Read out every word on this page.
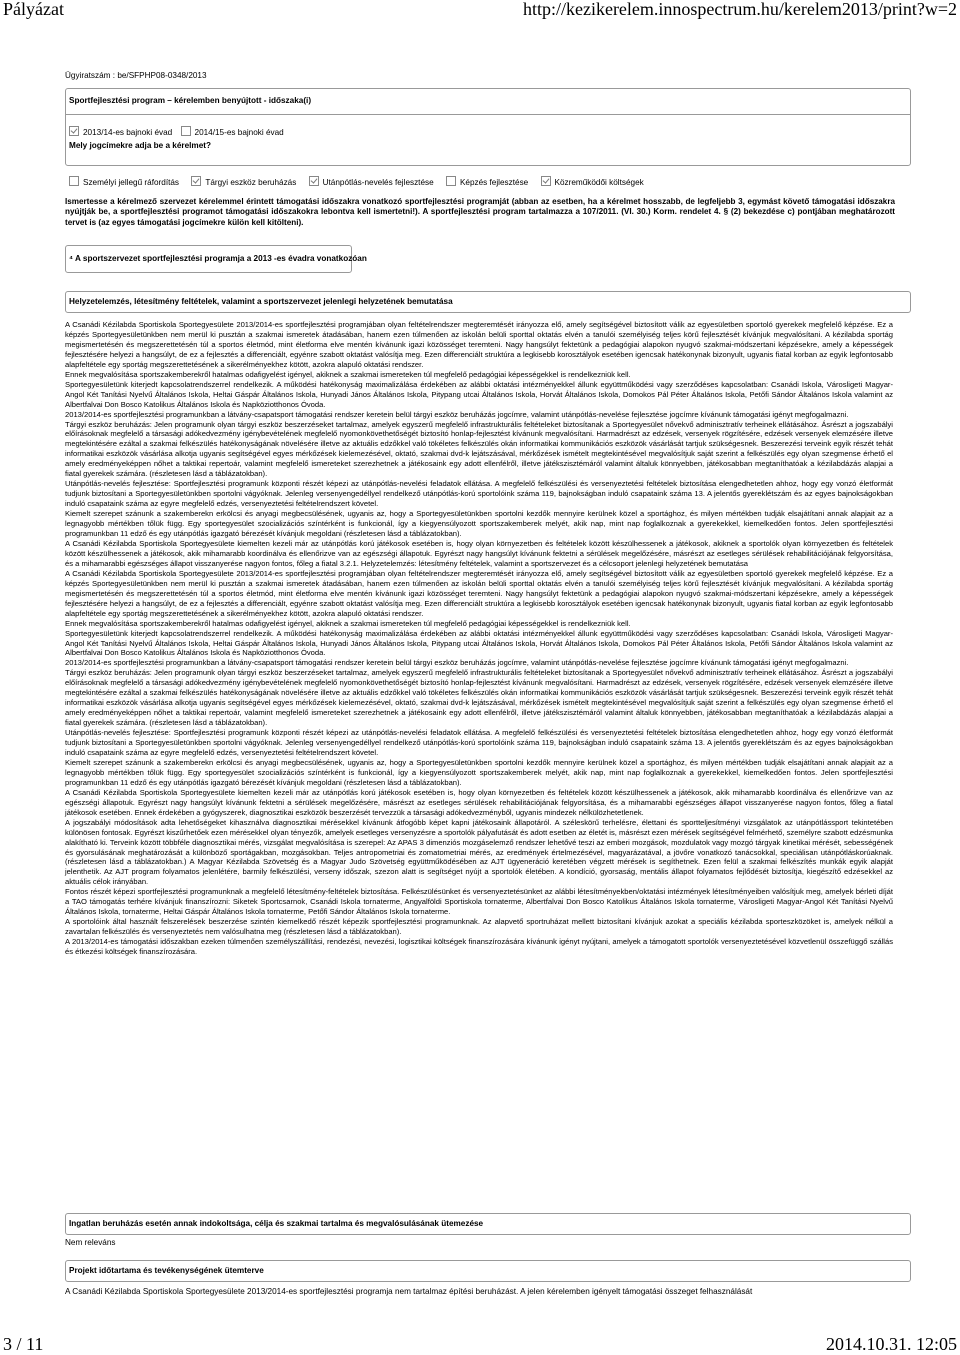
Pályázat	http://kezikerelem.innospectrum.hu/kerelem2013/print?w=2
Ügyiratszám : be/SFPHP08-0348/2013
Sportfejlesztési program – kérelemben benyújtott - időszaka(i)
2013/14-es bajnoki évad	2014/15-es bajnoki évad
Mely jogcímekre adja be a kérelmet?
Személyi jellegű ráfordítás	Tárgyi eszköz beruházás	Utánpótlás-nevelés fejlesztése	Képzés fejlesztése	Közreműködői költségek
Ismertesse a kérelmező szervezet kérelemmel érintett támogatási időszakra vonatkozó sportfejlesztési programját (abban az esetben, ha a kérelmet hosszabb, de legfeljebb 3, egymást követő támogatási időszakra nyújtják be, a sportfejlesztési programot támogatási időszakokra lebontva kell ismertetni!). A sportfejlesztési program tartalmazza a 107/2011. (VI. 30.) Korm. rendelet 4. § (2) bekezdése c) pontjában meghatározott tervet is (az egyes támogatási jogcímekre külön kell kitölteni).
⁴ A sportszervezet sportfejlesztési programja a 2013 -es évadra vonatkozóan
Helyzetelemzés, létesítmény feltételek, valamint a sportszervezet jelenlegi helyzetének bemutatása

A Csanádi Kézilabda Sportiskola Sportegyesülete 2013/2014-es sportfejlesztési programjában olyan feltételrendszer megteremtését irányozza elő, amely segítségével biztosított válik az egyesületben sportoló gyerekek megfelelő képzése. Ez a képzés Sportegyesületünkben nem merül ki pusztán a szakmai ismeretek átadásában, hanem ezen túlmenően az iskolán belüli sporttal oktatás elvén a tanulói személyiség teljes körű fejlesztését kívánjuk megvalósítani. A kézilabda sportág megismertetésén és megszerettetésén túl a sportos életmód, mint életforma elve mentén kívánunk igazi közösséget teremteni. Nagy hangsúlyt fektetünk a pedagógiai alapokon nyugvó szakmai-módszertani képzésekre, amely a képességek fejlesztésére helyezi a hangsúlyt, de ez a fejlesztés a differenciált, egyénre szabott oktatást valósítja meg. Ezen differenciált struktúra a legkisebb korosztályok esetében igencsak hatékonynak bizonyult, ugyanis fiatal korban az egyik legfontosabb alapfeltétele egy sportág megszerettetésének a sikerélményekhez kötött, azokra alapuló oktatási rendszer.

Ennek megvalósítása sportszakemberekről hatalmas odafigyelést igényel, akiknek a szakmai ismereteken túl megfelelő pedagógiai képességekkel is rendelkezniük kell.

Sportegyesületünk kiterjedt kapcsolatrendszerrel rendelkezik. A működési hatékonyság maximalizálása érdekében az alábbi oktatási intézményekkel állunk együttműködési vagy szerződéses kapcsolatban: Csanádi Iskola, Városligeti Magyar-Angol Két Tanítási Nyelvű Általános Iskola, Heltai Gáspár Általános Iskola, Hunyadi János Általános Iskola, Pitypang utcai Általános Iskola, Horvát Általános Iskola, Domokos Pál Péter Általános Iskola, Petőfi Sándor Általános Iskola valamint az Albertfalvai Don Bosco Katolikus Általános Iskola és Napköziotthonos Óvoda.

2013/2014-es sportfejlesztési programunkban a látvány-csapatsport támogatási rendszer keretein belül tárgyi eszköz beruházás jogcímre, valamint utánpótlás-nevelése fejlesztése jogcímre kívánunk támogatási igényt megfogalmazni.

Tárgyi eszköz beruházás: Jelen programunk olyan tárgyi eszköz beszerzéseket tartalmaz, amelyek egyszerű megfelelő infrastrukturális feltételeket biztosítanak a Sportegyesület nővekvő adminisztratív terheinek ellátásához. Ásrészt a jogszabályi előírásoknak megfelelő a társasági adókedvezmény igénybevételének megfelelő nyomonkövethetőségét biztosító honlap-fejlesztést kívánunk megvalósítani. Harmadrészt az edzések, versenyek rögzítésére, edzések versenyek elemzésére illetve megtekintésére ezáltal a szakmai felkészülés hatékonyságának növelésére illetve az aktuális edzőkkel való tökéletes felkészülés okán informatikai kommunikációs eszközök vásárlását tartjuk szükségesnek. Beszerezési terveink egyik részét tehát informatikai eszközök vásárlása alkotja ugyanis segítségével egyes mérkőzések kielemezésével, oktató, szakmai dvd-k lejátszásával, mérkőzések ismételt megtekintésével megvalósítjuk saját szerint a felkészülés egy olyan szegmense érhető el amely eredményeképpen nőhet a taktikai repertoár, valamint megfelelő ismereteket szerezhetnek a játékosaink egy adott ellenfélről, illetve játékszisztémáról valamint általuk könnyebben, játékosabban megtaníthatóak a kézilabdázás alapjai a fiatal gyerekek számára. (részletesen lásd a táblázatokban).

Utánpótlás-nevelés fejlesztése: Sportfejlesztési programunk központi részét képezi az utánpótlás-nevelési feladatok ellátása. A megfelelő felkészülési és versenyeztetési feltételek biztosítása elengedhetetlen ahhoz, hogy egy vonzó életformát tudjunk biztosítani a Sportegyesületünkben sportolni vágyóknak. Jelenleg versenyengedéllyel rendelkező utánpótlás-korú sportolóink száma 119, bajnokságban induló csapataink száma 13. A jelentős gyereklétszám és az egyes bajnokságokban induló csapataink száma az egyre megfelelő edzés, versenyeztetési feltételrendszert követel.

Kiemelt szerepet szánunk a szakemberekn erkölcsi és anyagi megbecsülésének, ugyanis az, hogy a Sportegyesületünkben sportolni kezdők mennyire kerülnek közel a sportághoz, és milyen mértékben tudják elsajátítani annak alapjait az a legnagyobb mértékben tőlük függ. Egy sportegyesület szocializációs színtérként is funkcionál, így a kiegyensúlyozott sportszakemberek melyét, akik nap, mint nap foglalkoznak a gyerekekkel, kiemelkedően fontos. Jelen sportfejlesztési programunkban 11 edző és egy utánpótlás igazgató bérezését kívánjuk megoldani (részletesen lásd a táblázatokban).

A Csanádi Kézilabda Sportiskola Sportegyesülete kiemelten kezeli már az utánpótlás korú játékosok esetében is, hogy olyan környezetben és feltételek között készülhessenek a játékosok, akiknek a sportolók olyan környezetben és feltételek között készülhessenek a játékosok, akik mihamarabb koordinálva és ellenőrizve van az egészségi állapotuk. Egyrészt nagy hangsúlyt kívánunk fektetni a sérülések megelőzésére, másrészt az esetleges sérülések rehabilitációjának felgyorsítása, és a mihamarabbi egészséges állapot visszanyerése nagyon fontos, főleg a fiatal 3.2.1. Helyzetelemzés: létesítmény feltételek, valamint a sportszervezet és a célcsoport jelenlegi helyzetének bemutatása

A Csanádi Kézilabda Sportiskola Sportegyesülete 2013/2014-es sportfejlesztési programjában olyan feltételrendszer megteremtését irányozza elő, amely segítségével biztosított válik az egyesületben sportoló gyerekek megfelelő képzése. Ez a képzés Sportegyesületünkben nem merül ki pusztán a szakmai ismeretek átadásában, hanem ezen túlmenően az iskolán belüli sporttal oktatás elvén a tanulói személyiség teljes körű fejlesztését kívánjuk megvalósítani. A kézilabda sportág megismertetésén és megszerettetésén túl a sportos életmód, mint életforma elve mentén kívánunk igazi közösséget teremteni. Nagy hangsúlyt fektetünk a pedagógiai alapokon nyugvó szakmai-módszertani képzésekre, amely a képességek fejlesztésére helyezi a hangsúlyt, de ez a fejlesztés a differenciált, egyénre szabott oktatást valósítja meg. Ezen differenciált struktúra a legkisebb korosztályok esetében igencsak hatékonynak bizonyult, ugyanis fiatal korban az egyik legfontosabb alapfeltétele egy sportág megszerettetésének a sikerélményekhez kötött, azokra alapuló oktatási rendszer.

Ennek megvalósítása sportszakemberekről hatalmas odafigyelést igényel, akiknek a szakmai ismereteken túl megfelelő pedagógiai képességekkel is rendelkezniük kell.

Sportegyesületünk kiterjedt kapcsolatrendszerrel rendelkezik. A működési hatékonyság maximalizálása érdekében az alábbi oktatási intézményekkel állunk együttműködési vagy szerződéses kapcsolatban: Csanádi Iskola, Városligeti Magyar-Angol Két Tanítási Nyelvű Általános Iskola, Heltai Gáspár Általános Iskola, Hunyadi János Általános Iskola, Pitypang utcai Általános Iskola, Horvát Általános Iskola, Domokos Pál Péter Általános Iskola, Petőfi Sándor Általános Iskola valamint az Albertfalvai Don Bosco Katolikus Általános Iskola és Napköziotthonos Óvoda.

2013/2014-es sportfejlesztési programunkban a látvány-csapatsport támogatási rendszer keretein belül tárgyi eszköz beruházás jogcímre, valamint utánpótlás-nevelése fejlesztése jogcímre kívánunk támogatási igényt megfogalmazni.

Tárgyi eszköz beruházás: Jelen programunk olyan tárgyi eszköz beszerzéseket tartalmaz, amelyek egyszerű megfelelő infrastrukturális feltételeket biztosítanak a Sportegyesület nővekvő adminisztratív terheinek ellátásához. Ásrészt a jogszabályi előírásoknak megfelelő a társasági adókedvezmény igénybevételének megfelelő nyomonkövethetőségét biztosító honlap-fejlesztést kívánunk megvalósítani. Harmadrészt az edzések, versenyek rögzítésére, edzések versenyek elemzésére illetve megtekintésére ezáltal a szakmai felkészülés hatékonyságának növelésére illetve az aktuális edzőkkel való tökéletes felkészülés okán informatikai kommunikációs eszközök vásárlását tartjuk szükségesnek. Beszerezési terveink egyik részét tehát informatikai eszközök vásárlása alkotja ugyanis segítségével egyes mérkőzések kielemezésével, oktató, szakmai dvd-k lejátszásával, mérkőzések ismételt megtekintésével megvalósítjuk saját szerint a felkészülés egy olyan szegmense érhető el amely eredményeképpen nőhet a taktikai repertoár, valamint megfelelő ismereteket szerezhetnek a játékosaink egy adott ellenfélről, illetve játékszisztémáról valamint általuk könnyebben, játékosabban megtaníthatóak a kézilabdázás alapjai a fiatal gyerekek számára. (részletesen lásd a táblázatokban).

Utánpótlás-nevelés fejlesztése: Sportfejlesztési programunk központi részét képezi az utánpótlás-nevelési feladatok ellátása. A megfelelő felkészülési és versenyeztetési feltételek biztosítása elengedhetetlen ahhoz, hogy egy vonzó életformát tudjunk biztosítani a Sportegyesületünkben sportolni vágyóknak. Jelenleg versenyengedéllyel rendelkező utánpótlás-korú sportolóink száma 119, bajnokságban induló csapataink száma 13. A jelentős gyereklétszám és az egyes bajnokságokban induló csapataink száma az egyre megfelelő edzés, versenyeztetési feltételrendszert követel.

Kiemelt szerepet szánunk a szakemberekn erkölcsi és anyagi megbecsülésének, ugyanis az, hogy a Sportegyesületünkben sportolni kezdők mennyire kerülnek közel a sportághoz, és milyen mértékben tudják elsajátítani annak alapjait az a legnagyobb mértékben tőlük függ. Egy sportegyesület szocializációs színtérként is funkcionál, így a kiegyensúlyozott sportszakemberek melyét, akik nap, mint nap foglalkoznak a gyerekekkel, kiemelkedően fontos. Jelen sportfejlesztési programunkban 11 edző és egy utánpótlás igazgató bérezését kívánjuk megoldani (részletesen lásd a táblázatokban).

A Csanádi Kézilabda Sportiskola Sportegyesülete kiemelten kezeli már az utánpótlás korú játékosok esetében is, hogy olyan környezetben és feltételek között készülhessenek a játékosok, akik mihamarabb koordinálva és ellenőrizve van az egészségi állapotuk. Egyrészt nagy hangsúlyt kívánunk fektetni a sérülések megelőzésére, másrészt az esetleges sérülések rehabilitációjának felgyorsítása, és a mihamarabbi egészséges állapot visszanyerése nagyon fontos, főleg a fiatal játékosok esetében. Ennek érdekében a gyógyszerek, diagnosztikai eszközök beszerzését tervezzük a társasági adókedvezményből, ugyanis mindezek nélkülözhetetlenek.

A jogszabályi módosítások adta lehetőségeket kihasználva diagnosztikai mérésekkel kívánunk átfogóbb képet kapni játékosaink állapotáról. A széleskörű terhelésre, élettani és sportteljesítményi vizsgálatok az utánpótlássport tekintetében különösen fontosak. Egyrészt kiszűrhetőek ezen mérésekkel olyan tényezők, amelyek esetleges versenyzésre a sportolók pályafutását és adott esetben az életét is, másrészt ezen mérések segítségével felmérhető, személyre szabott edzésmunka alakítható ki. Terveink között többféle diagnosztikai mérés, vizsgálat megvalósítása is szerepel: Az APAS 3 dimenziós mozgáselemző rendszer lehetővé teszi az emberi mozgások, mozdulatok vagy mozgó tárgyak kinetikai mérését, sebességének és gyorsulásának meghatározását a különböző sportágakban, mozgásokban. Teljes antropometriai és zomatometriai mérés, az eredmények értelmezésével, magyarázatával, a jövőre vonatkozó tanácsokkal, speciálisan utánpótláskorúaknak. (részletesen lásd a táblázatokban.) A Magyar Kézilabda Szövetség és a Magyar Judo Szövetség együttműködésében az AJT ügyeneráció keretében végzett mérések is segíthetnek. Ezen felül a szakmai felkészítés munkák egyik alapját jelenthetik. Az AJT program folyamatos jelenlétére, barmily felkészülési, verseny időszak, szezon alatt is segítséget nyújt a sportolók életében. A kondíció, gyorsaság, mentális állapot folyamatos fejlődését biztosítja, kiegészítő edzésekkel az aktuális célok irányában.

Fontos részét képezi sportfejlesztési programunknak a megfelelő létesítmény-feltételek biztosítása. Felkészülésünket és versenyeztetésünket az alábbi létesítményekben/oktatási intézmények létesítményeiben valósítjuk meg, amelyek bérleti díját a TAO támogatás terhére kívánjuk finanszírozni: Siketek Sportcsarnok, Csanádi Iskola tornaterme, Angyalföldi Sportiskola tornaterme, Albertfalvai Don Bosco Katolikus Általános Iskola tornaterme, Városligeti Magyar-Angol Két Tanítási Nyelvű Általános Iskola, tornaterme, Heltai Gáspár Általános Iskola tornaterme, Petőfi Sándor Általános Iskola tornaterme.

A sportolóink által használt felszerelések beszerzése szintén kiemelkedő részét képezik sportfejlesztési programunknak. Az alapvető sportruházat mellett biztosítani kívánjuk azokat a speciális kézilabda sporteszközöket is, amelyek nélkül a zavartalan felkészülés és versenyeztetés nem valósulhatna meg (részletesen lásd a táblázatokban).

A 2013/2014-es támogatási időszakban ezeken túlmenően személyszállítási, rendezési, nevezési, logisztikai költségek finanszírozására kívánunk igényt nyújtani, amelyek a támogatott sportolók versenyeztetésével közvetlenül összefüggő szállás és étkezési költségek finanszírozására.

Ingatlan beruházás esetén annak indokoltsága, célja és szakmai tartalma és megvalósulásának ütemezése
Nem releváns
Projekt időtartama és tevékenységének ütemterve
A Csanádi Kézilabda Sportiskola Sportegyesülete 2013/2014-es sportfejlesztési programja nem tartalmaz építési beruházást. A jelen kérelemben igényelt támogatási összeget felhasználását
3 / 11	2014.10.31. 12:05
